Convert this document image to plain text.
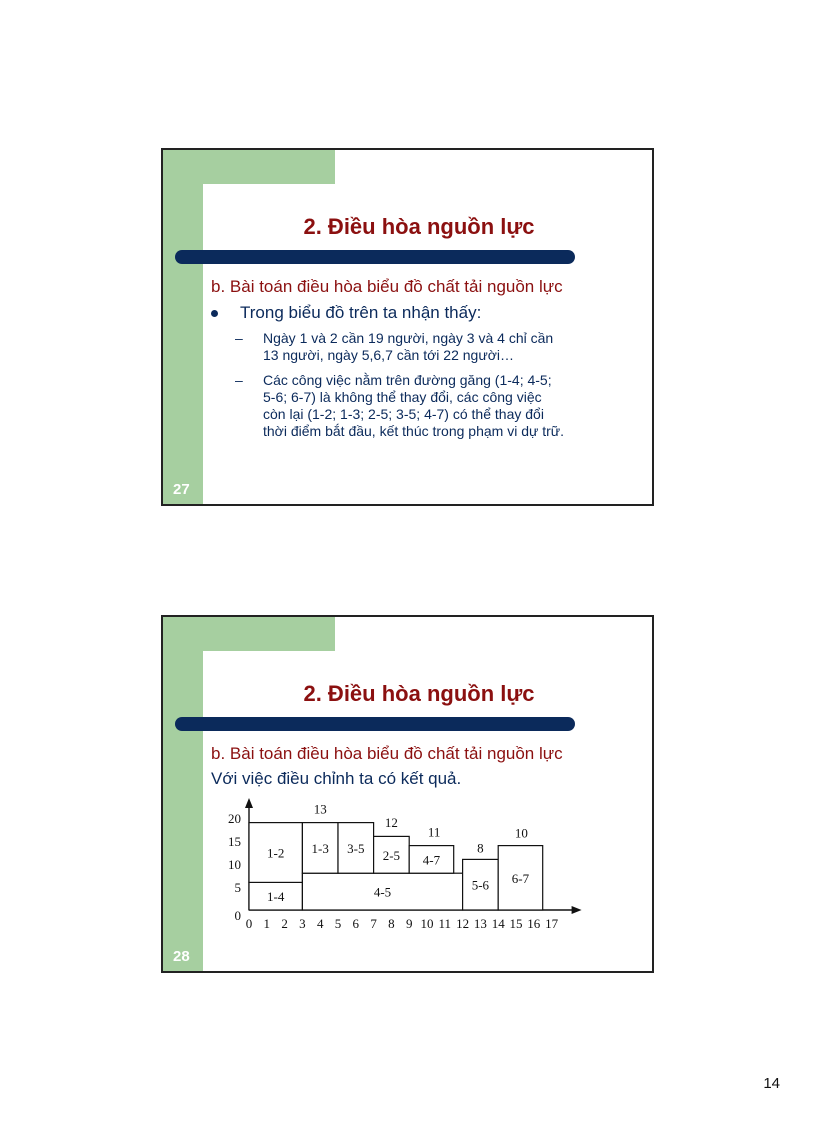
2. Điều hòa nguồn lực
b. Bài toán điều hòa biểu đồ chất tải nguồn lực
Trong biểu đồ trên ta nhận thấy:
– Ngày 1 và 2 cần 19 người, ngày 3 và 4 chỉ cần
13 người, ngày 5,6,7 cần tới 22 người…
– Các công việc nằm trên đường găng (1-4; 4-5;
5-6; 6-7) là không thể thay đổi, các công việc
còn lại (1-2; 1-3; 2-5; 3-5; 4-7) có thể thay đổi
thời điểm bắt đầu, kết thúc trong phạm vi dự trữ.
27
2. Điều hòa nguồn lực
b. Bài toán điều hòa biểu đồ chất tải nguồn lực
Với việc điều chỉnh ta có kết quả.
0 1 2 3 4 5 6 7 8 9 10 11 12 13 14 15 16 17
0
5
10
15
20
1-4
1-2
4-5
1-3 3-5 2-5 4-7
5-6 6-7
13
12
11
8
10
28
14
